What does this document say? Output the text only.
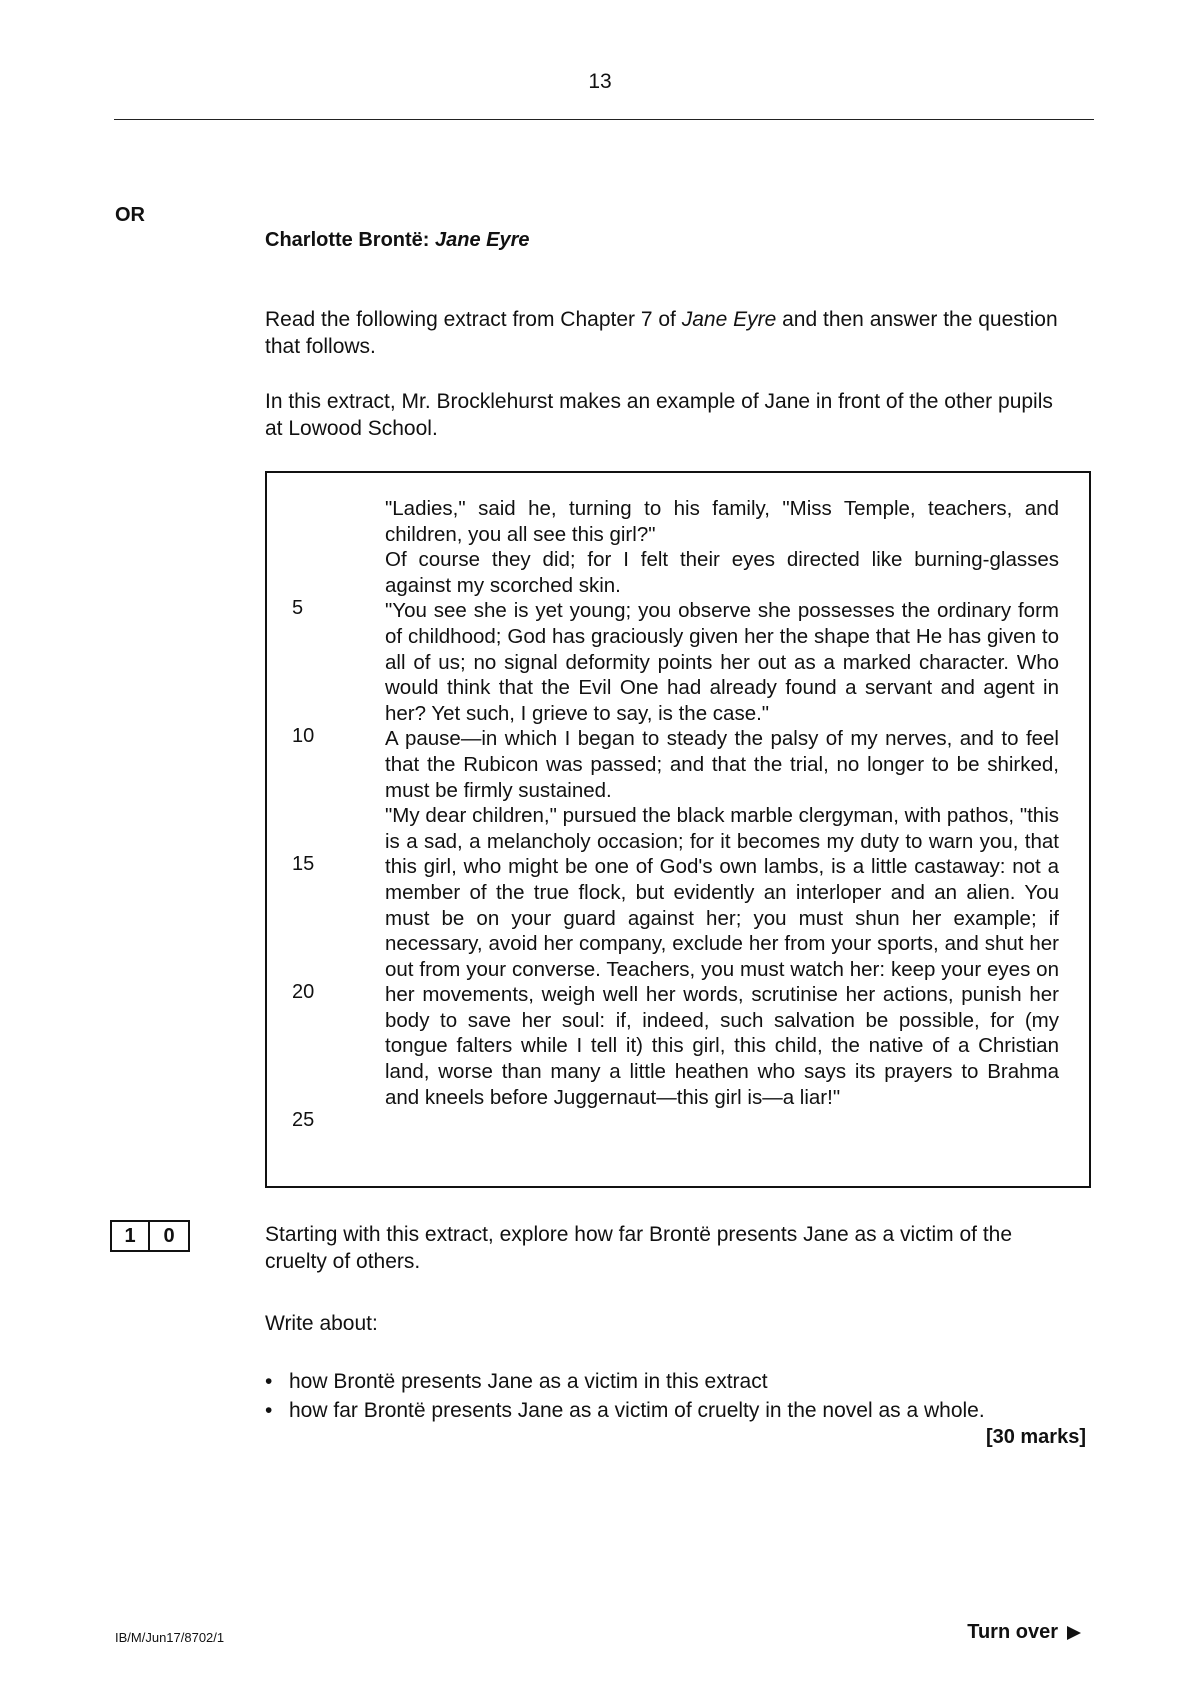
13
OR
Charlotte Brontë: Jane Eyre
Read the following extract from Chapter 7 of Jane Eyre and then answer the question that follows.
In this extract, Mr. Brocklehurst makes an example of Jane in front of the other pupils at Lowood School.

"Ladies," said he, turning to his family, "Miss Temple, teachers, and children, you all see this girl?"

Of course they did; for I felt their eyes directed like burning-glasses against my scorched skin.

"You see she is yet young; you observe she possesses the ordinary form of childhood; God has graciously given her the shape that He has given to all of us; no signal deformity points her out as a marked character. Who would think that the Evil One had already found a servant and agent in her? Yet such, I grieve to say, is the case."

A pause—in which I began to steady the palsy of my nerves, and to feel that the Rubicon was passed; and that the trial, no longer to be shirked, must be firmly sustained.

"My dear children," pursued the black marble clergyman, with pathos, "this is a sad, a melancholy occasion; for it becomes my duty to warn you, that this girl, who might be one of God's own lambs, is a little castaway: not a member of the true flock, but evidently an interloper and an alien. You must be on your guard against her; you must shun her example; if necessary, avoid her company, exclude her from your sports, and shut her out from your converse. Teachers, you must watch her: keep your eyes on her movements, weigh well her words, scrutinise her actions, punish her body to save her soul: if, indeed, such salvation be possible, for (my tongue falters while I tell it) this girl, this child, the native of a Christian land, worse than many a little heathen who says its prayers to Brahma and kneels before Juggernaut—this girl is—a liar!"

5
10
15
20
25
1	0	Starting with this extract, explore how far Brontë presents Jane as a victim of the cruelty of others.
Write about:
• how Brontë presents Jane as a victim in this extract
• how far Brontë presents Jane as a victim of cruelty in the novel as a whole.
[30 marks]
IB/M/Jun17/8702/1	Turn over
